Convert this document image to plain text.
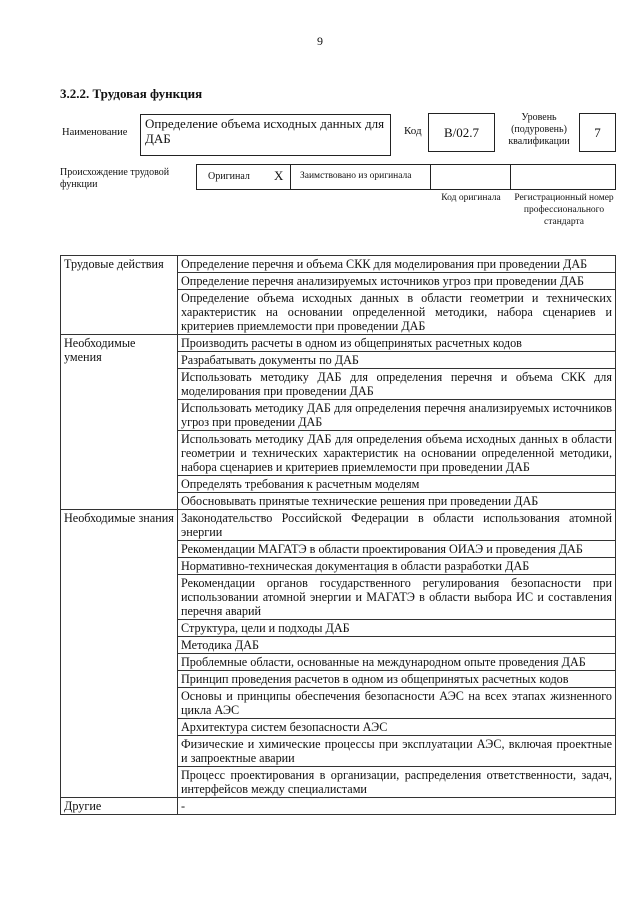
9
3.2.2. Трудовая функция
Наименование
Определение объема исходных данных для ДАБ	Код	B/02.7
Уровень (подуровень) квалификации
7
Происхождение трудовой функции
Оригинал X Заимствовано из оригинала
Код оригинала	Регистрационный номер профессионального стандарта
Трудовые действия	Определение перечня и объема СКК для моделирования при проведении ДАБ
	Определение перечня анализируемых источников угроз при проведении ДАБ
	Определение объема исходных данных в области геометрии и технических характеристик на основании определенной методики, набора сценариев и критериев приемлемости при проведении ДАБ
Необходимые умения	Производить расчеты в одном из общепринятых расчетных кодов
	Разрабатывать документы по ДАБ
	Использовать методику ДАБ для определения перечня и объема СКК для моделирования при проведении ДАБ
	Использовать методику ДАБ для определения перечня анализируемых источников угроз при проведении ДАБ
	Использовать методику ДАБ для определения объема исходных данных в области геометрии и технических характеристик на основании определенной методики, набора сценариев и критериев приемлемости при проведении ДАБ
	Определять требования к расчетным моделям
	Обосновывать принятые технические решения при проведении ДАБ
Необходимые знания	Законодательство Российской Федерации в области использования атомной энергии
	Рекомендации МАГАТЭ в области проектирования ОИАЭ и проведения ДАБ
	Нормативно-техническая документация в области разработки ДАБ
	Рекомендации органов государственного регулирования безопасности при использовании атомной энергии и МАГАТЭ в области выбора ИС и составления перечня аварий
	Структура, цели и подходы ДАБ
	Методика ДАБ
	Проблемные области, основанные на международном опыте проведения ДАБ
	Принцип проведения расчетов в одном из общепринятых расчетных кодов
	Основы и принципы обеспечения безопасности АЭС на всех этапах жизненного цикла АЭС
	Архитектура систем безопасности АЭС
	Физические и химические процессы при эксплуатации АЭС, включая проектные и запроектные аварии
	Процесс проектирования в организации, распределения ответственности, задач, интерфейсов между специалистами
Другие	-
